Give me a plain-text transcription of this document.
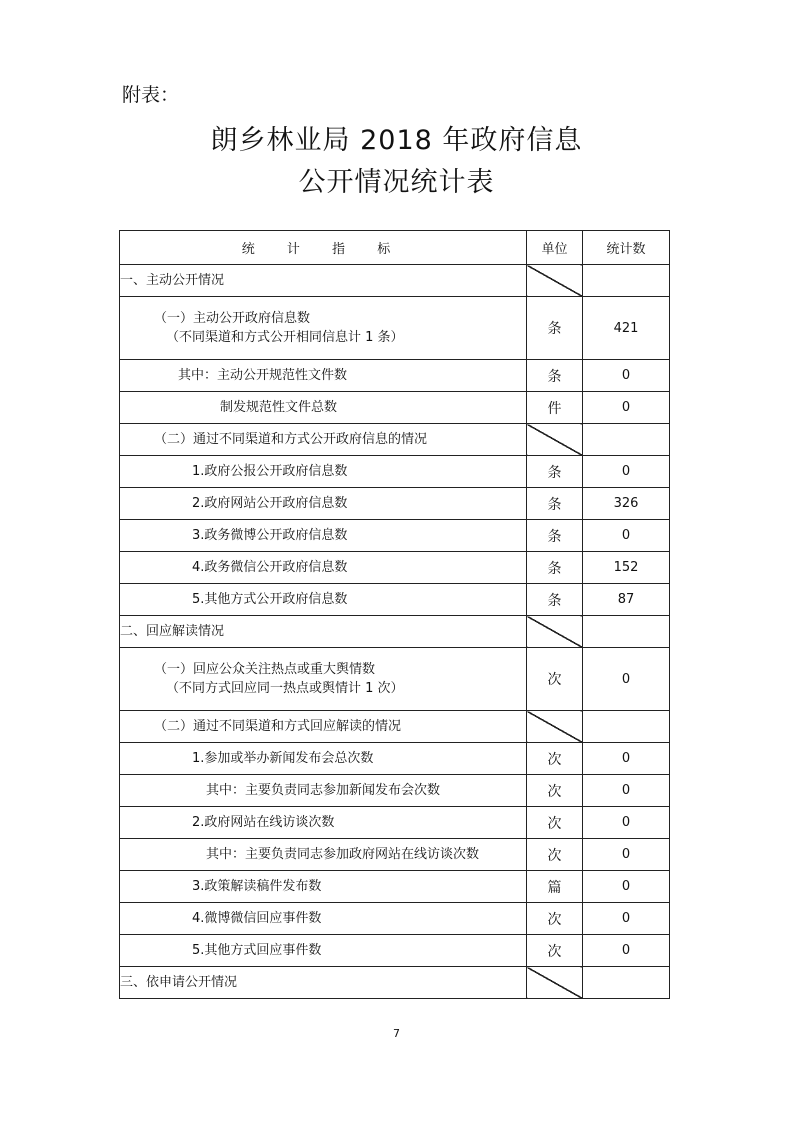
附表：
朗乡林业局 2018 年政府信息
公开情况统计表
统 计 指 标	单位	统计数
一、主动公开情况		

（一）主动公开政府信息数
（不同渠道和方式公开相同信息计 1 条）	条	421
其中：主动公开规范性文件数	条	0
制发规范性文件总数	件	0
（二）通过不同渠道和方式公开政府信息的情况		
1.政府公报公开政府信息数	条	0
2.政府网站公开政府信息数	条	326
3.政务微博公开政府信息数	条	0
4.政务微信公开政府信息数	条	152
5.其他方式公开政府信息数	条	87
二、回应解读情况		

（一）回应公众关注热点或重大舆情数
（不同方式回应同一热点或舆情计 1 次）	次	0
（二）通过不同渠道和方式回应解读的情况		
1.参加或举办新闻发布会总次数	次	0
其中：主要负责同志参加新闻发布会次数	次	0
2.政府网站在线访谈次数	次	0
其中：主要负责同志参加政府网站在线访谈次数	次	0
3.政策解读稿件发布数	篇	0
4.微博微信回应事件数	次	0
5.其他方式回应事件数	次	0
三、依申请公开情况		
7
